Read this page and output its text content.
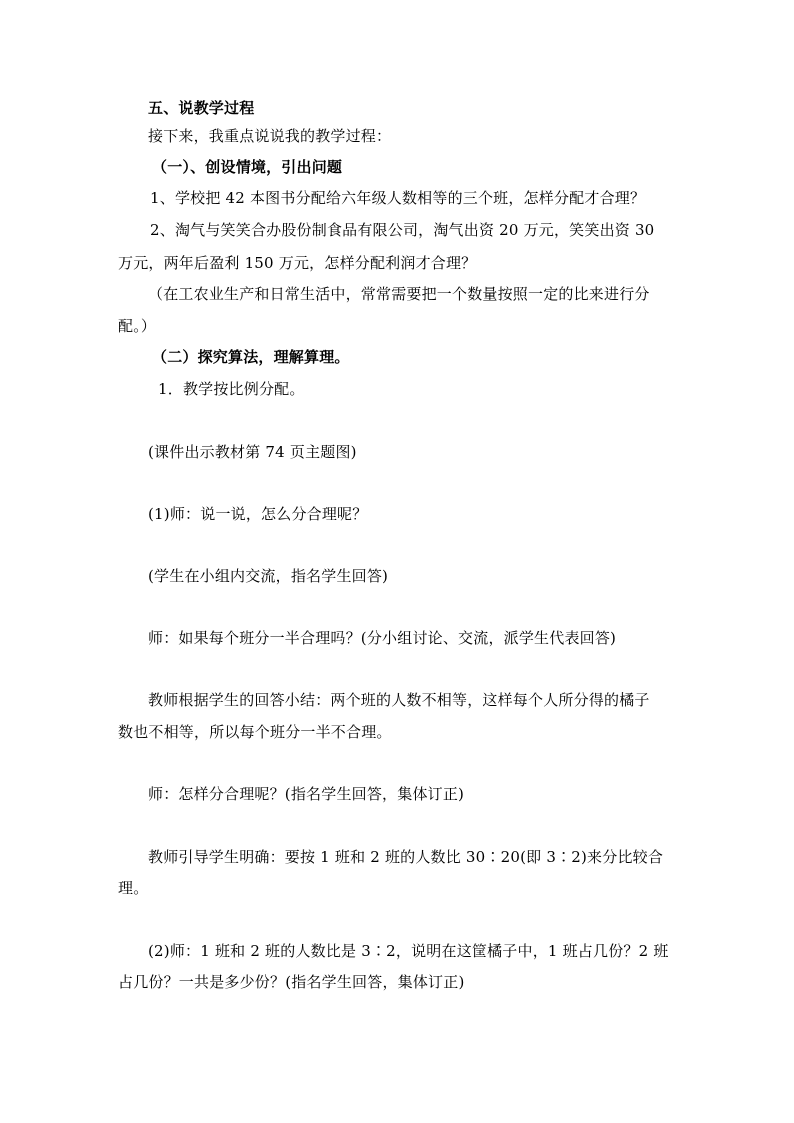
五、说教学过程
接下来，我重点说说我的教学过程：
（一）、创设情境，引出问题
1、学校把 42 本图书分配给六年级人数相等的三个班，怎样分配才合理？
2、淘气与笑笑合办股份制食品有限公司，淘气出资 20 万元，笑笑出资 30
万元，两年后盈利 150 万元，怎样分配利润才合理？
（在工农业生产和日常生活中，常常需要把一个数量按照一定的比来进行分
配。）
（二）探究算法，理解算理。
1．教学按比例分配。
(课件出示教材第 74 页主题图)
(1)师：说一说，怎么分合理呢？
(学生在小组内交流，指名学生回答)
师：如果每个班分一半合理吗？(分小组讨论、交流，派学生代表回答)
教师根据学生的回答小结：两个班的人数不相等，这样每个人所分得的橘子
数也不相等，所以每个班分一半不合理。
师：怎样分合理呢？(指名学生回答，集体订正)
教师引导学生明确：要按 1 班和 2 班的人数比 30∶20(即 3∶2)来分比较合
理。
(2)师：1 班和 2 班的人数比是 3∶2，说明在这筐橘子中，1 班占几份？2 班
占几份？一共是多少份？(指名学生回答，集体订正)
